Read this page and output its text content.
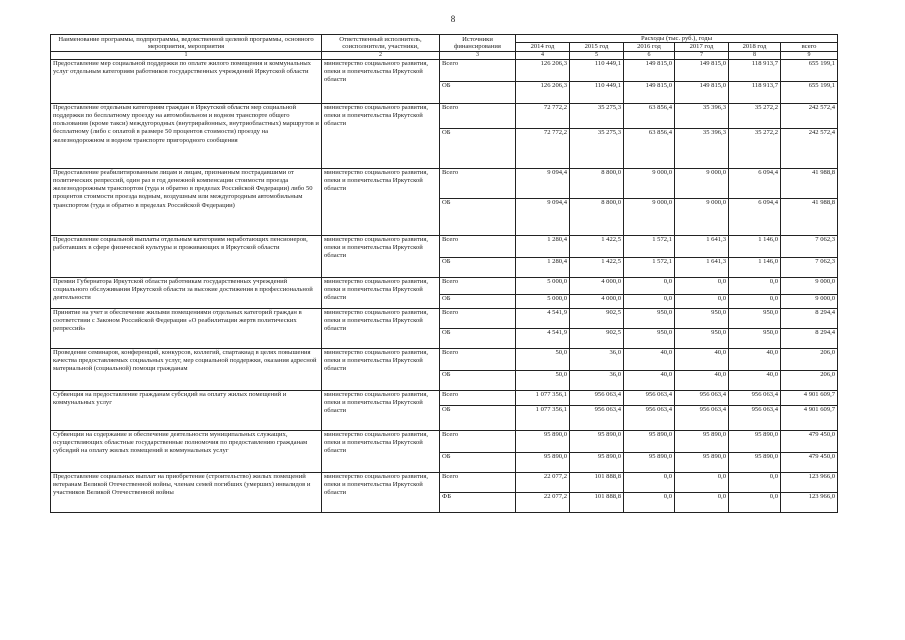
8
Наименование программы, подпрограммы, ведомственной целевой программы, основного мероприятия, мероприятия	Ответственный исполнитель, соисполнители, участники,	Источники финансирования	Расходы (тыс. руб.), годы					
			2014 год	2015 год	2016 год	2017 год	2018 год	всего
1	2	3	4	5	6	7	8	9
Предоставление мер социальной поддержки по оплате жилого помещения и коммунальных услуг отдельным категориям работников государственных учреждений Иркутской области	министерство социального развития, опеки и попечительства Иркутской области	Всего	126 206,3	110 449,1	149 815,0	149 815,0	118 913,7	655 199,1
		ОБ	126 206,3	110 449,1	149 815,0	149 815,0	118 913,7	655 199,1
Предоставление отдельным категориям граждан в Иркутской области мер социальной поддержки по бесплатному проезду на автомобильном и водном транспорте общего пользования (кроме такси) междугородных (внутрирайонных, внутриобластных) маршрутов и бесплатному (либо с оплатой в размере 50 процентов стоимости) проезду на железнодорожном и водном транспорте пригородного сообщения	министерство социального развития, опеки и попечительства Иркутской области	Всего	72 772,2	35 275,3	63 856,4	35 396,3	35 272,2	242 572,4
		ОБ	72 772,2	35 275,3	63 856,4	35 396,3	35 272,2	242 572,4
Предоставление реабилитированным лицам и лицам, признанным пострадавшими от политических репрессий, один раз в год денежной компенсации стоимости проезда железнодорожным транспортом (туда и обратно в пределах Российской Федерации) либо 50 процентов стоимости проезда водным, воздушным или междугородным автомобильным транспортом (туда и обратно в пределах Российской Федерации)	министерство социального развития, опеки и попечительства Иркутской области	Всего	9 094,4	8 800,0	9 000,0	9 000,0	6 094,4	41 988,8
		ОБ	9 094,4	8 800,0	9 000,0	9 000,0	6 094,4	41 988,8
Предоставление социальной выплаты отдельным категориям неработающих пенсионеров, работавших в сфере физической культуры и проживающих в Иркутской области	министерство социального развития, опеки и попечительства Иркутской области	Всего	1 280,4	1 422,5	1 572,1	1 641,3	1 146,0	7 062,3
		ОБ	1 280,4	1 422,5	1 572,1	1 641,3	1 146,0	7 062,3
Премии Губернатора Иркутской области работникам государственных учреждений социального обслуживания Иркутской области за высокие достижения в профессиональной деятельности	министерство социального развития, опеки и попечительства Иркутской области	Всего	5 000,0	4 000,0	0,0	0,0	0,0	9 000,0
		ОБ	5 000,0	4 000,0	0,0	0,0	0,0	9 000,0
Принятие на учет и обеспечение жилыми помещениями отдельных категорий граждан в соответствии с Законом Российской Федерации «О реабилитации жертв политических репрессий»	министерство социального развития, опеки и попечительства Иркутской области	Всего	4 541,9	902,5	950,0	950,0	950,0	8 294,4
		ОБ	4 541,9	902,5	950,0	950,0	950,0	8 294,4
Проведение семинаров, конференций, конкурсов, коллегий, спартакиад в целях повышения качества предоставляемых социальных услуг, мер социальной поддержки, оказания адресной материальной (социальной) помощи гражданам	министерство социального развития, опеки и попечительства Иркутской области	Всего	50,0	36,0	40,0	40,0	40,0	206,0
		ОБ	50,0	36,0	40,0	40,0	40,0	206,0
Субвенция на предоставление гражданам субсидий на оплату жилых помещений и коммунальных услуг	министерство социального развития, опеки и попечительства Иркутской области	Всего	1 077 356,1	956 063,4	956 063,4	956 063,4	956 063,4	4 901 609,7
		ОБ	1 077 356,1	956 063,4	956 063,4	956 063,4	956 063,4	4 901 609,7
Субвенции на содержание и обеспечение деятельности муниципальных служащих, осуществляющих областные государственные полномочия по предоставлению гражданам субсидий на оплату жилых помещений и коммунальных услуг	министерство социального развития, опеки и попечительства Иркутской области	Всего	95 890,0	95 890,0	95 890,0	95 890,0	95 890,0	479 450,0
		ОБ	95 890,0	95 890,0	95 890,0	95 890,0	95 890,0	479 450,0
Предоставление социальных выплат на приобретение (строительство) жилых помещений ветеранам Великой Отечественной войны, членам семей погибших (умерших) инвалидов и участников Великой Отечественной войны	министерство социального развития, опеки и попечительства Иркутской области	Всего	22 077,2	101 888,8	0,0	0,0	0,0	123 966,0
		ФБ	22 077,2	101 888,8	0,0	0,0	0,0	123 966,0
